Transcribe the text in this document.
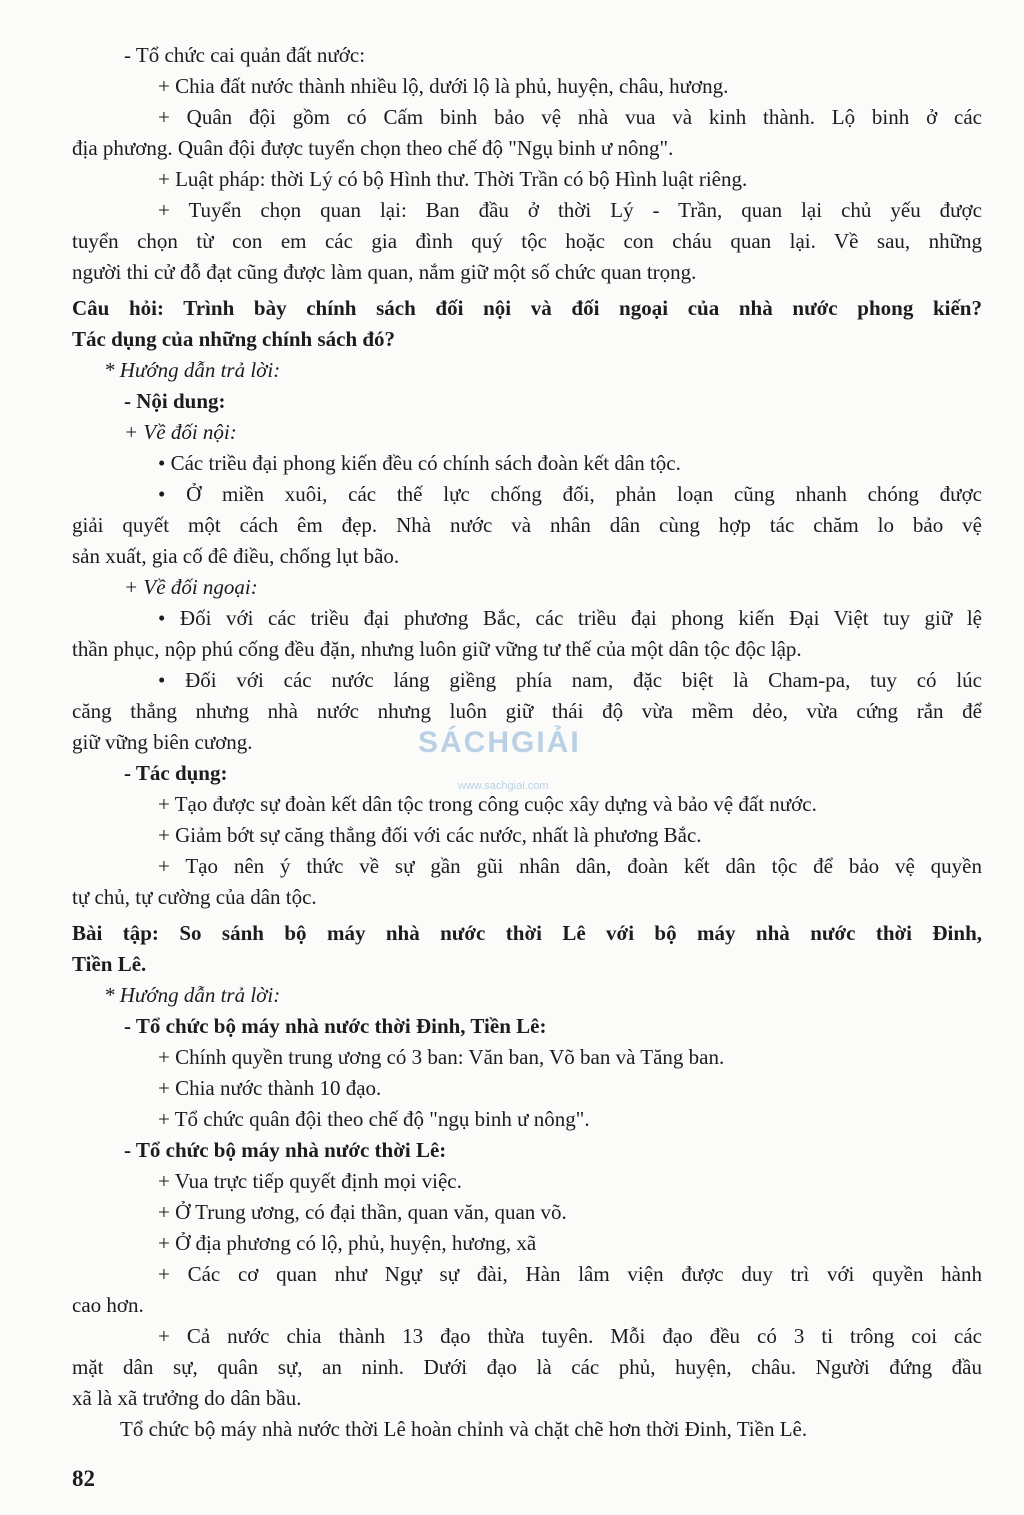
- Tổ chức cai quản đất nước:
+ Chia đất nước thành nhiều lộ, dưới lộ là phủ, huyện, châu, hương.
+ Quân đội gồm có Cấm binh bảo vệ nhà vua và kinh thành. Lộ binh ở các
địa phương. Quân đội được tuyển chọn theo chế độ "Ngụ binh ư nông".
+ Luật pháp: thời Lý có bộ Hình thư. Thời Trần có bộ Hình luật riêng.
+ Tuyển chọn quan lại: Ban đầu ở thời Lý - Trần, quan lại chủ yếu được
tuyển chọn từ con em các gia đình quý tộc hoặc con cháu quan lại. Về sau, những
người thi cử đỗ đạt cũng được làm quan, nắm giữ một số chức quan trọng.
Câu hỏi: Trình bày chính sách đối nội và đối ngoại của nhà nước phong kiến?
Tác dụng của những chính sách đó?
* Hướng dẫn trả lời:
- Nội dung:
+ Về đối nội:
• Các triều đại phong kiến đều có chính sách đoàn kết dân tộc.
• Ở miền xuôi, các thế lực chống đối, phản loạn cũng nhanh chóng được
giải quyết một cách êm đẹp. Nhà nước và nhân dân cùng hợp tác chăm lo bảo vệ
sản xuất, gia cố đê điều, chống lụt bão.
+ Về đối ngoại:
• Đối với các triều đại phương Bắc, các triều đại phong kiến Đại Việt tuy giữ lệ
thần phục, nộp phú cống đều đặn, nhưng luôn giữ vững tư thế của một dân tộc độc lập.
• Đối với các nước láng giềng phía nam, đặc biệt là Cham-pa, tuy có lúc
căng thẳng nhưng nhà nước nhưng luôn giữ thái độ vừa mềm dẻo, vừa cứng rắn để
giữ vững biên cương.
- Tác dụng:
+ Tạo được sự đoàn kết dân tộc trong công cuộc xây dựng và bảo vệ đất nước.
+ Giảm bớt sự căng thẳng đối với các nước, nhất là phương Bắc.
+ Tạo nên ý thức về sự gần gũi nhân dân, đoàn kết dân tộc để bảo vệ quyền
tự chủ, tự cường của dân tộc.
Bài tập: So sánh bộ máy nhà nước thời Lê với bộ máy nhà nước thời Đinh,
Tiền Lê.
* Hướng dẫn trả lời:
- Tổ chức bộ máy nhà nước thời Đinh, Tiền Lê:
+ Chính quyền trung ương có 3 ban: Văn ban, Võ ban và Tăng ban.
+ Chia nước thành 10 đạo.
+ Tổ chức quân đội theo chế độ "ngụ binh ư nông".
- Tổ chức bộ máy nhà nước thời Lê:
+ Vua trực tiếp quyết định mọi việc.
+ Ở Trung ương, có đại thần, quan văn, quan võ.
+ Ở địa phương có lộ, phủ, huyện, hương, xã
+ Các cơ quan như Ngự sự đài, Hàn lâm viện được duy trì với quyền hành
cao hơn.
+ Cả nước chia thành 13 đạo thừa tuyên. Mỗi đạo đều có 3 ti trông coi các
mặt dân sự, quân sự, an ninh. Dưới đạo là các phủ, huyện, châu. Người đứng đầu
xã là xã trưởng do dân bầu.
Tổ chức bộ máy nhà nước thời Lê hoàn chỉnh và chặt chẽ hơn thời Đinh, Tiền Lê.
SÁCHGIẢI
www.sachgiai.com
82
